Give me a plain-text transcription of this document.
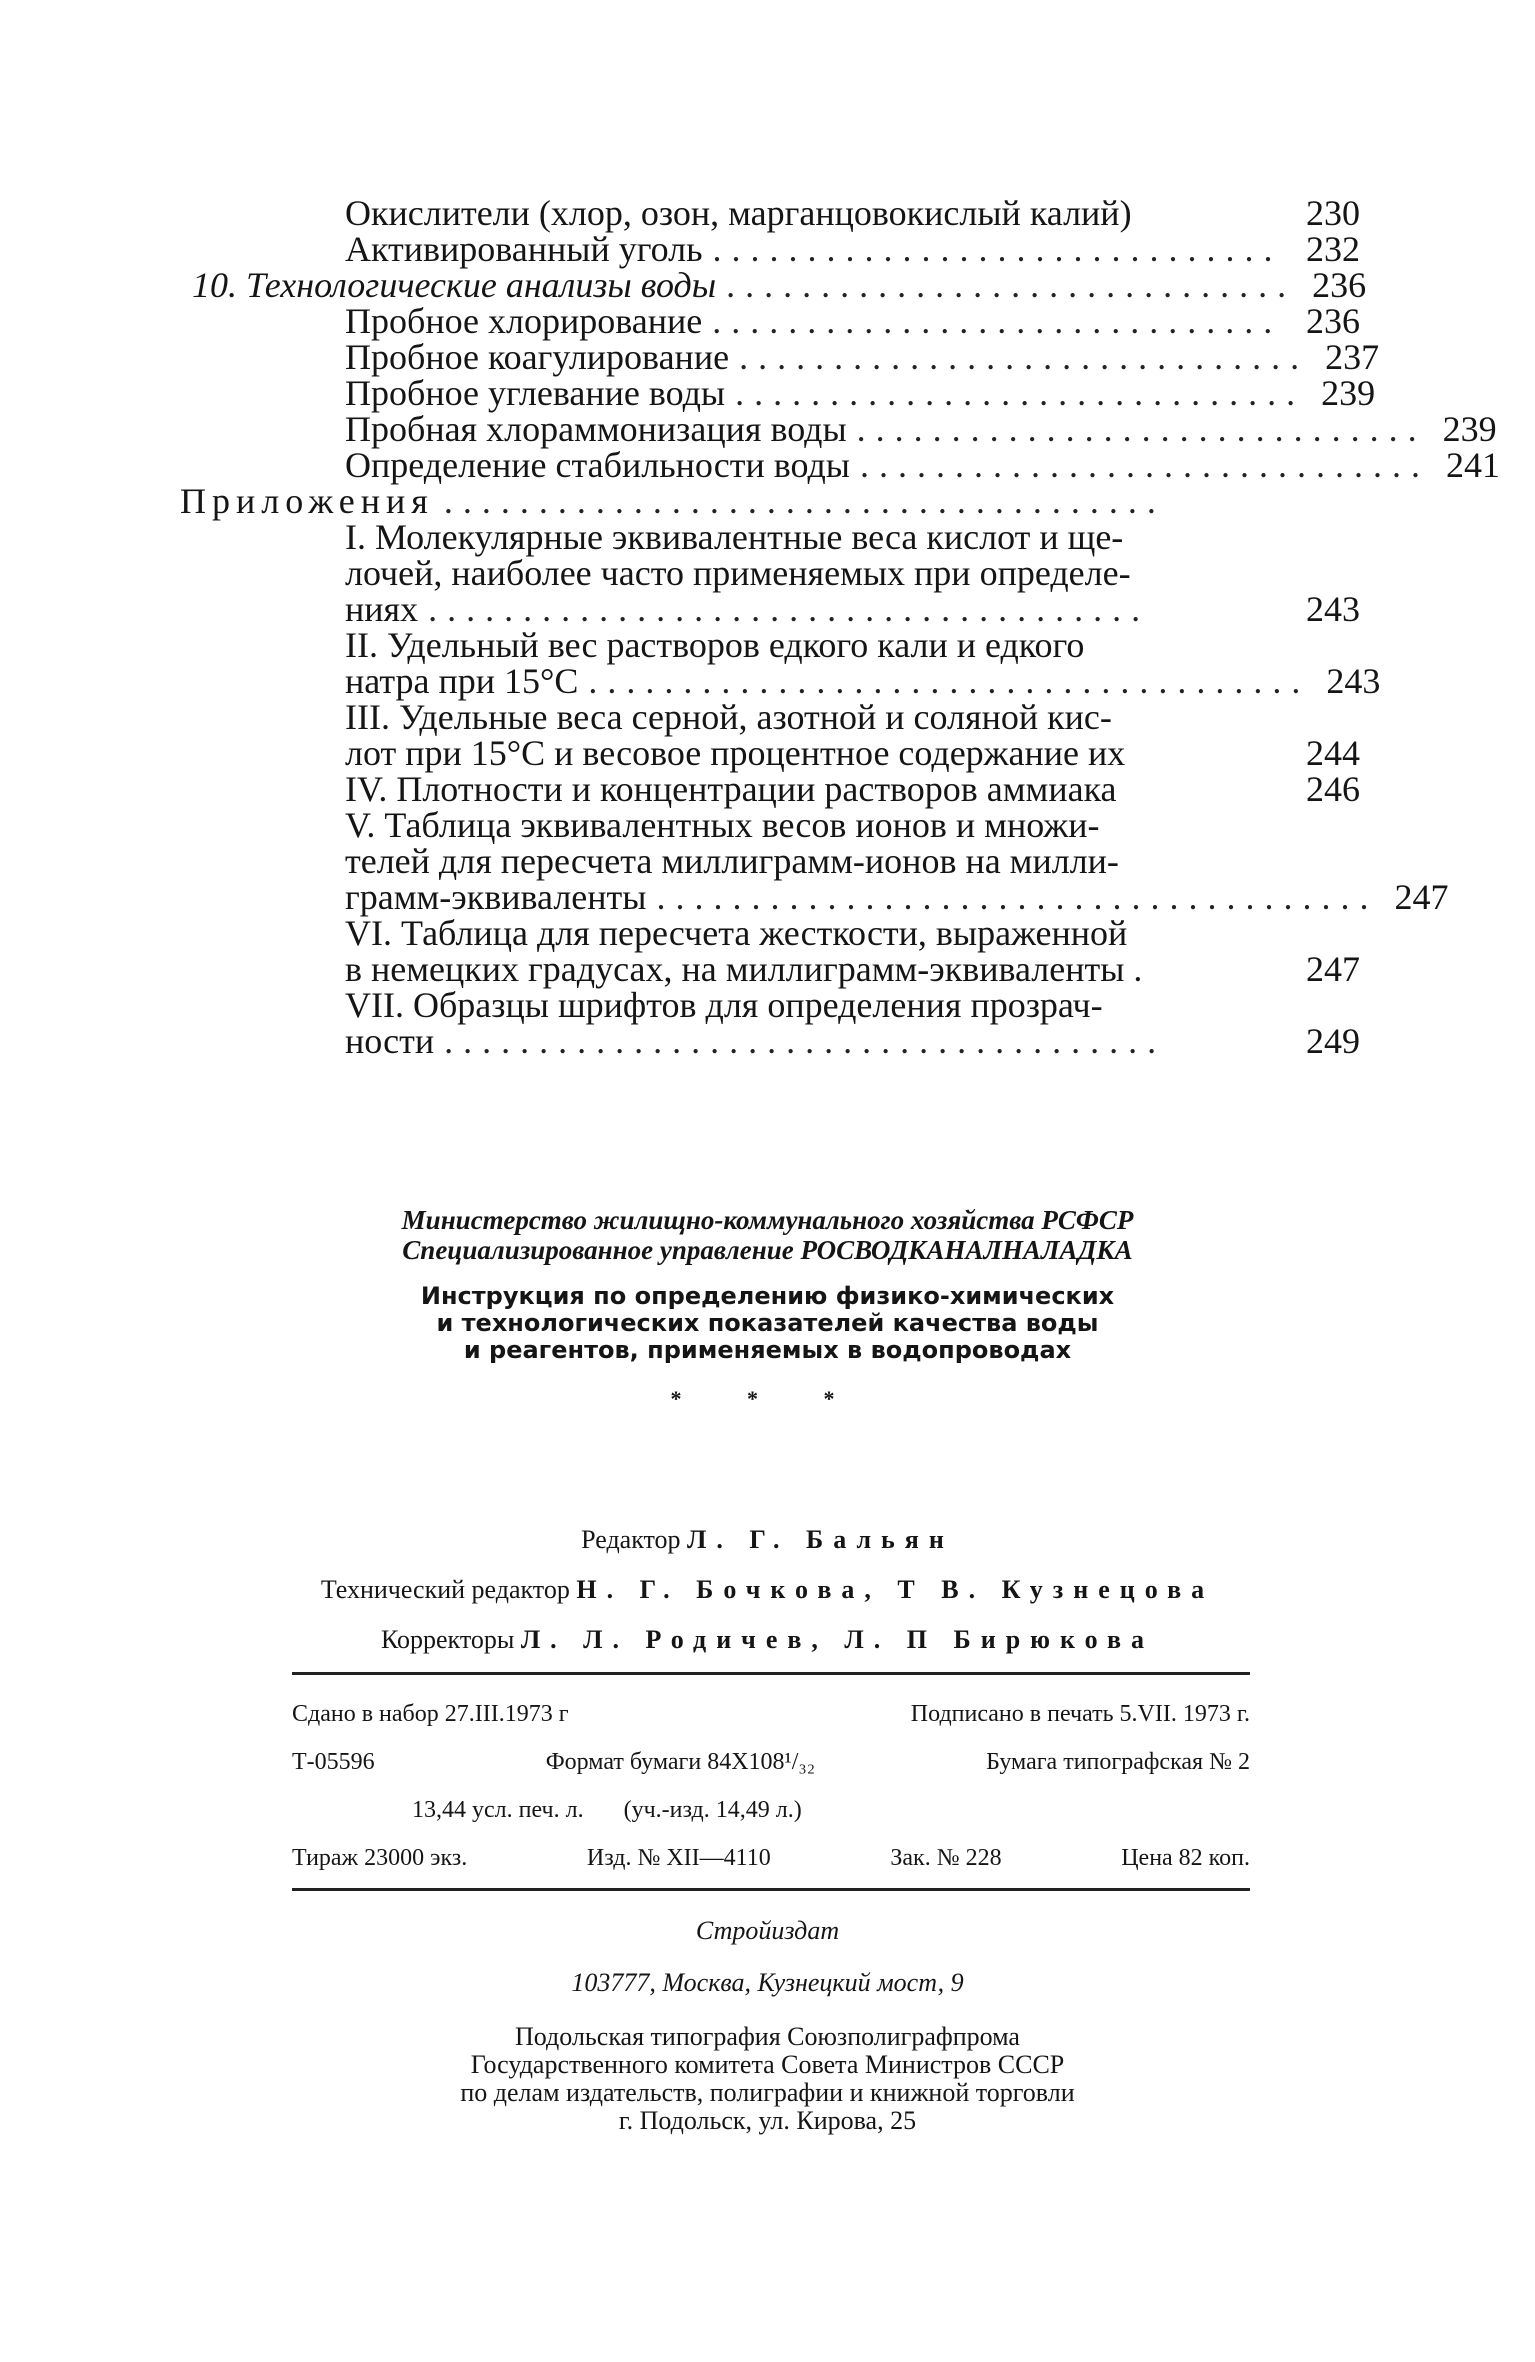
Окислители (хлор, озон, марганцовокислый калий)	230
Активированный уголь .............................. 232
10. Технологические анализы воды .............................. 236
Пробное хлорирование .............................. 236
Пробное коагулирование .............................. 237
Пробное углевание воды .............................. 239
Пробная хлораммонизация воды .............................. 239
Определение стабильности воды .............................. 241
Приложения ......................................
I. Молекулярные эквивалентные веса кислот и ще-
лочей, наиболее часто применяемых при определе-
ниях ......................................	243
II. Удельный вес растворов едкого кали и едкого
натра при 15°С ...................................... 243
III. Удельные веса серной, азотной и соляной кис-
лот при 15°С и весовое процентное содержание их	244
IV. Плотности и концентрации растворов аммиака	246
V. Таблица эквивалентных весов ионов и множи-
телей для пересчета миллиграмм-ионов на милли-
грамм-эквиваленты ...................................... 247
VI. Таблица для пересчета жесткости, выраженной
в немецких градусах, на миллиграмм-эквиваленты .	247
VII. Образцы шрифтов для определения прозрач-
ности ......................................	249

Министерство жилищно-коммунального хозяйства РСФСР

Специализированное управление РОСВОДКАНАЛНАЛАДКА

Инструкция по определению физико-химических
и технологических показателей качества воды
и реагентов, применяемых в водопроводах
* * *
Редактор Л. Г. Бальян
Технический редактор Н. Г. Бочкова, Т В. Кузнецова
Корректоры Л. Л. Родичев, Л. П Бирюкова
Сдано в набор 27.III.1973 г	Подписано в печать 5.VII. 1973 г.
Т-05596	Формат бумаги 84X108¹/₃₂	Бумага типографская № 2
13,44 усл. печ. л. (уч.-изд. 14,49 л.)
Тираж 23000 экз.	Изд. № XII—4110	Зак. № 228	Цена 82 коп.
Стройиздат
103777, Москва, Кузнецкий мост, 9
Подольская типография Союзполиграфпрома
Государственного комитета Совета Министров СССР
по делам издательств, полиграфии и книжной торговли
г. Подольск, ул. Кирова, 25
